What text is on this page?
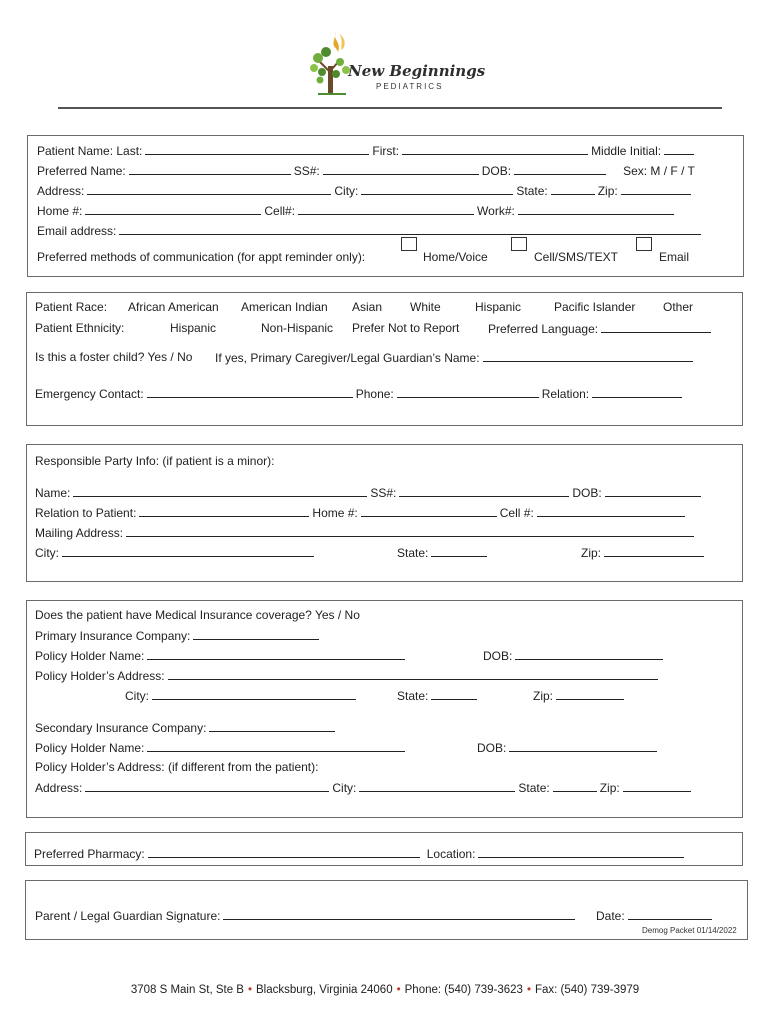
New Beginnings
PEDIATRICS
Patient Name: Last:	First:	Middle Initial:
Preferred Name:	SS#:	DOB:	Sex: M / F / T
Address:	City:	State:	Zip:
Home #:	Cell#:	Work#:
Email address:
Preferred methods of communication (for appt reminder only):	Home/Voice	Cell/SMS/TEXT	Email
Patient Race: African American American Indian Asian White	Hispanic	Pacific Islander Other
Patient Ethnicity:	Hispanic	Non-Hispanic Prefer Not to Report Preferred Language:
Is this a foster child? Yes / No If yes, Primary Caregiver/Legal Guardian’s Name:
Emergency Contact:	Phone:	Relation:
Responsible Party Info: (if patient is a minor):
Name:	SS#:	DOB:
Relation to Patient:	Home #:	Cell #:
Mailing Address:
City:	State:	Zip:
Does the patient have Medical Insurance coverage? Yes / No
Primary Insurance Company:
Policy Holder Name:	DOB:
Policy Holder’s Address:
City:	State:	Zip:
Secondary Insurance Company:
Policy Holder Name:	DOB:
Policy Holder’s Address: (if different from the patient):
Address:	City:	State:	Zip:
Preferred Pharmacy:	Location:
Parent / Legal Guardian Signature:	Date:
Demog Packet 01/14/2022
3708 S Main St, Ste B • Blacksburg, Virginia 24060 • Phone: (540) 739-3623 • Fax: (540) 739-3979
